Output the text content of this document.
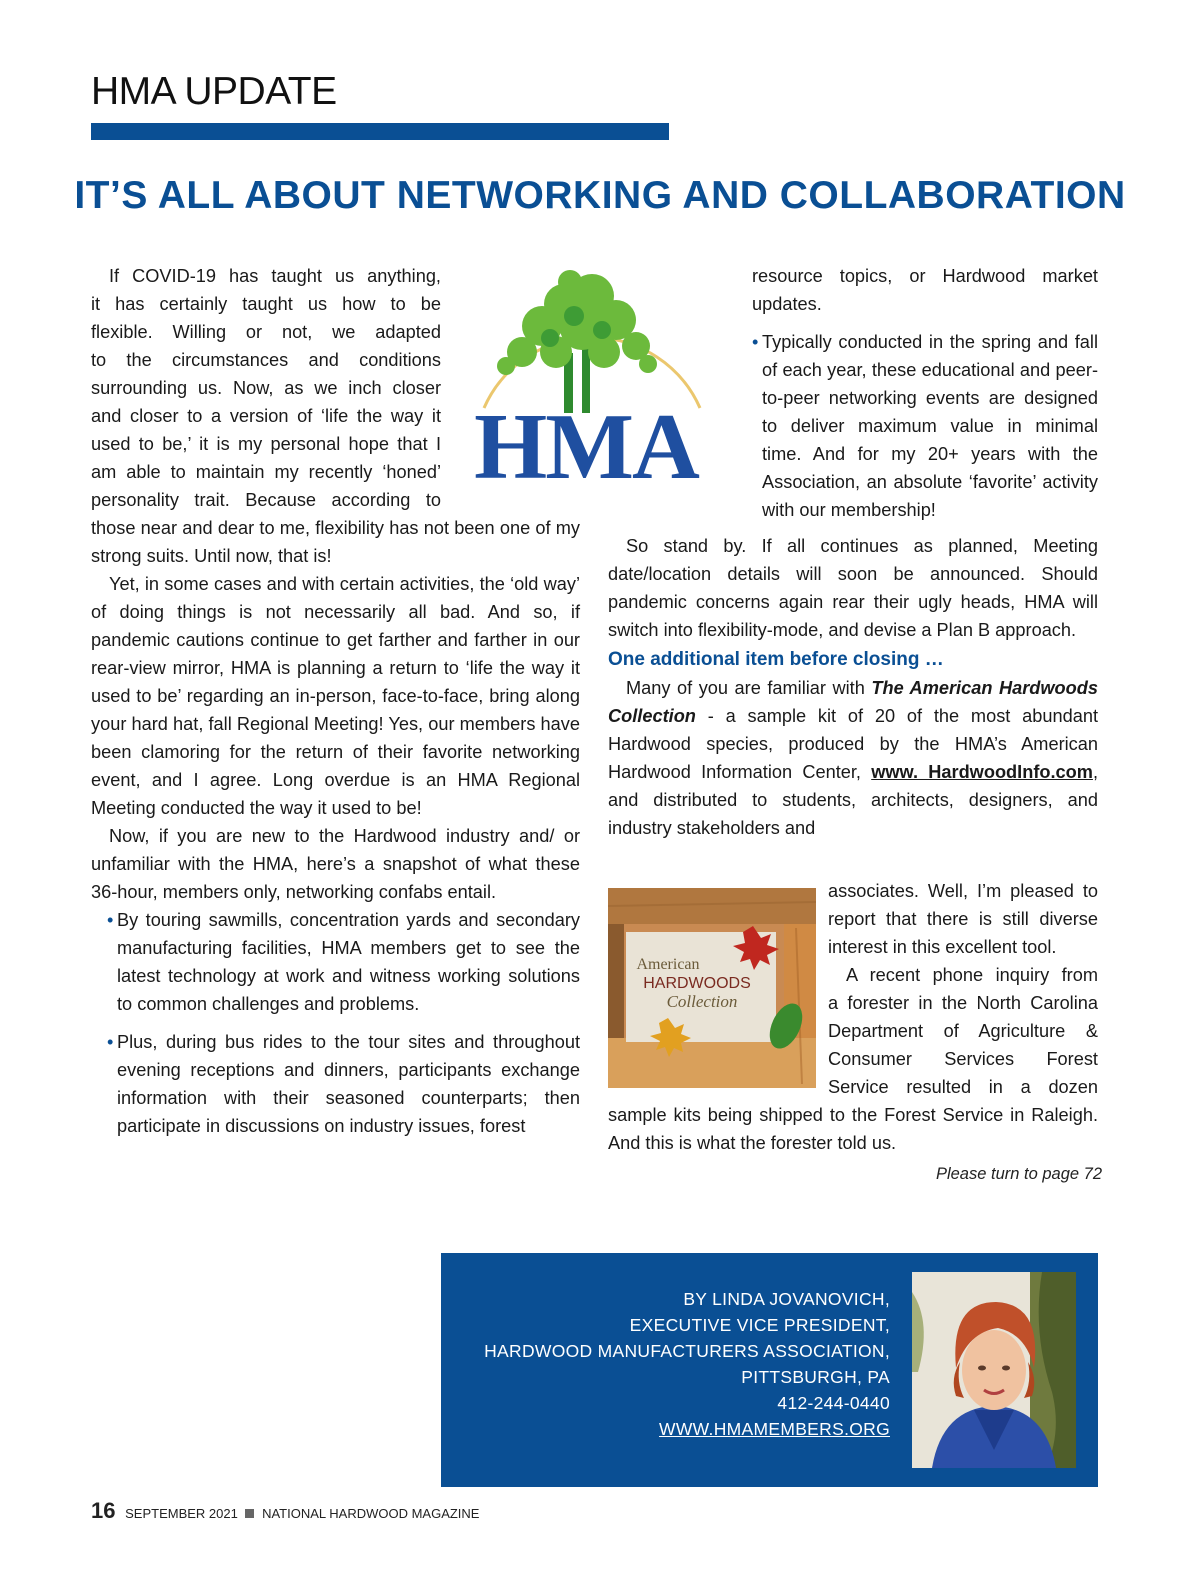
HMA UPDATE
IT’S ALL ABOUT NETWORKING AND COLLABORATION
HMA

If COVID-19 has taught us anything,

it has certainly taught us how to be

flexible. Willing or not, we adapted

to the circumstances and conditions

surrounding us. Now, as we inch closer

and closer to a version of ‘life the way it

used to be,’ it is my personal hope that I

am able to maintain my recently ‘honed’

personality trait. Because according to

those near and dear to me, flexibility has not been one of my strong suits. Until now, that is!

Yet, in some cases and with certain activities, the ‘old way’ of doing things is not necessarily all bad. And so, if pandemic cautions continue to get farther and farther in our rear-view mirror, HMA is planning a return to ‘life the way it used to be’ regarding an in-person, face-to-face, bring along your hard hat, fall Regional Meeting! Yes, our members have been clamoring for the return of their favorite networking event, and I agree. Long overdue is an HMA Regional Meeting conducted the way it used to be!

Now, if you are new to the Hardwood industry and/ or unfamiliar with the HMA, here’s a snapshot of what these 36-hour, members only, networking confabs entail.

• By touring sawmills, concentration yards and secondary manufacturing facilities, HMA members get to see the latest technology at work and witness working solutions to common challenges and problems.
• Plus, during bus rides to the tour sites and throughout evening receptions and dinners, participants exchange information with their seasoned counterparts; then participate in discussions on industry issues, forest

resource topics, or Hardwood market updates.

• Typically conducted in the spring and fall of each year, these educational and peer-to-peer networking events are designed to deliver maximum value in minimal time. And for my 20+ years with the Association, an absolute ‘favorite’ activity with our membership!

So stand by. If all continues as planned, Meeting date/location details will soon be announced. Should pandemic concerns again rear their ugly heads, HMA will switch into flexibility-mode, and devise a Plan B approach.

One additional item before closing …

Many of you are familiar with The American Hardwoods Collection - a sample kit of 20 of the most abundant Hardwood species, produced by the HMA’s American Hardwood Information Center, www. HardwoodInfo.com, and distributed to students, architects, designers, and industry stakeholders and

American
HARDWOODS
Collection

associates. Well, I’m pleased to

report that there is still diverse

interest in this excellent tool.

A recent phone inquiry from

a forester in the North Carolina

Department of Agriculture &

Consumer Services Forest

Service resulted in a dozen

sample kits being shipped to the Forest Service in Raleigh. And this is what the forester told us.

Please turn to page 72
BY LINDA JOVANOVICH,
EXECUTIVE VICE PRESIDENT,
HARDWOOD MANUFACTURERS ASSOCIATION,
PITTSBURGH, PA
412-244-0440
WWW.HMAMEMBERS.ORG
16 SEPTEMBER 2021 NATIONAL HARDWOOD MAGAZINE
